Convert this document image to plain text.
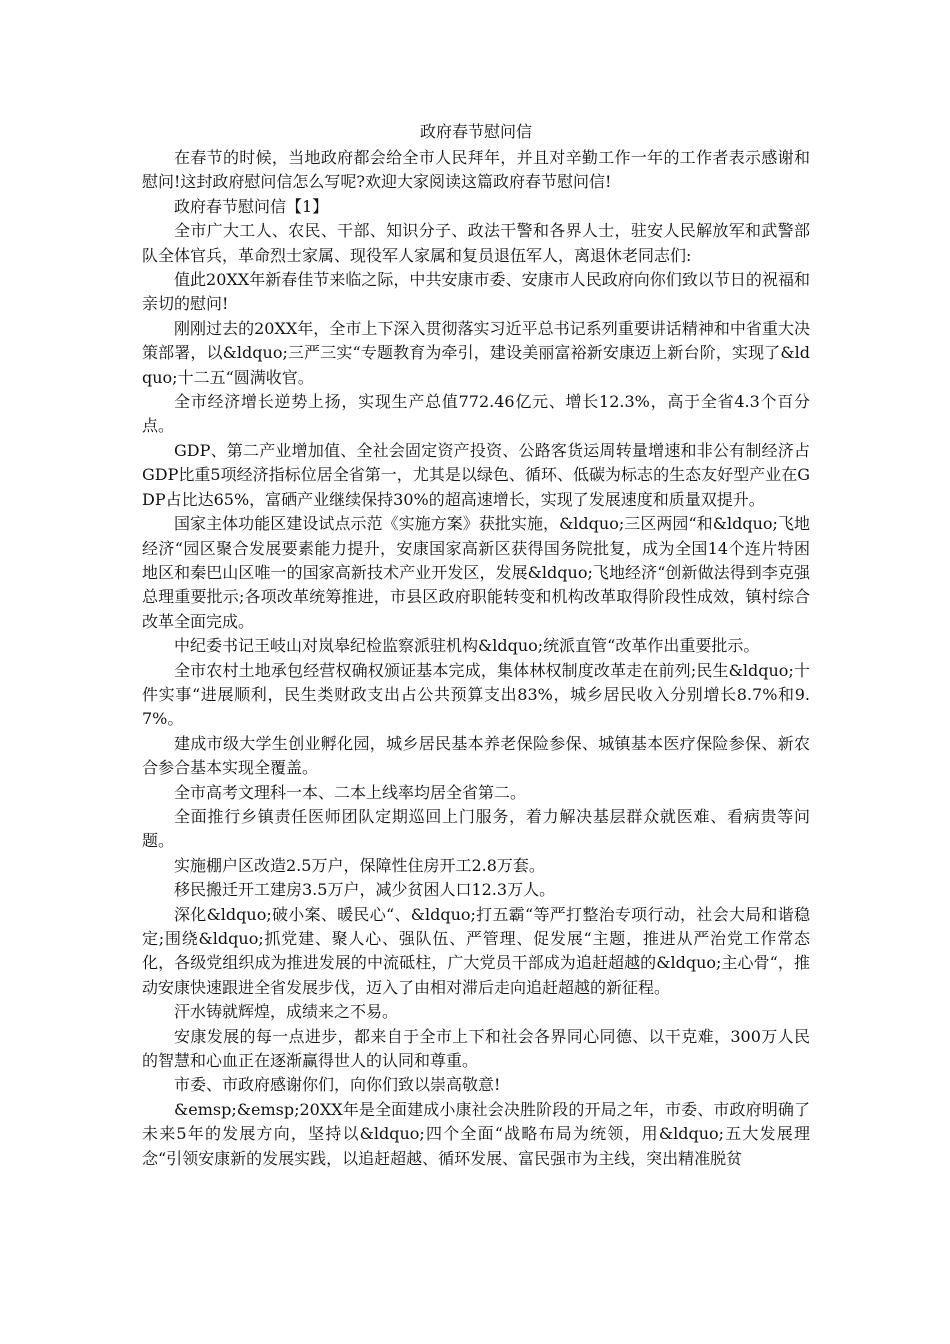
政府春节慰问信

在春节的时候，当地政府都会给全市人民拜年，并且对辛勤工作一年的工作者表示感谢和慰问!这封政府慰问信怎么写呢?欢迎大家阅读这篇政府春节慰问信!

政府春节慰问信【1】

全市广大工人、农民、干部、知识分子、政法干警和各界人士，驻安人民解放军和武警部队全体官兵，革命烈士家属、现役军人家属和复员退伍军人，离退休老同志们:

值此20XX年新春佳节来临之际，中共安康市委、安康市人民政府向你们致以节日的祝福和亲切的慰问!

刚刚过去的20XX年，全市上下深入贯彻落实习近平总书记系列重要讲话精神和中省重大决策部署，以&ldquo;三严三实“专题教育为牵引，建设美丽富裕新安康迈上新台阶，实现了&ldquo;十二五“圆满收官。

全市经济增长逆势上扬，实现生产总值772.46亿元、增长12.3%，高于全省4.3个百分点。

GDP、第二产业增加值、全社会固定资产投资、公路客货运周转量增速和非公有制经济占GDP比重5项经济指标位居全省第一，尤其是以绿色、循环、低碳为标志的生态友好型产业在GDP占比达65%，富硒产业继续保持30%的超高速增长，实现了发展速度和质量双提升。

国家主体功能区建设试点示范《实施方案》获批实施，&ldquo;三区两园“和&ldquo;飞地经济“园区聚合发展要素能力提升，安康国家高新区获得国务院批复，成为全国14个连片特困地区和秦巴山区唯一的国家高新技术产业开发区，发展&ldquo;飞地经济“创新做法得到李克强总理重要批示;各项改革统筹推进，市县区政府职能转变和机构改革取得阶段性成效，镇村综合改革全面完成。

中纪委书记王岐山对岚皋纪检监察派驻机构&ldquo;统派直管“改革作出重要批示。

全市农村土地承包经营权确权颁证基本完成，集体林权制度改革走在前列;民生&ldquo;十件实事“进展顺利，民生类财政支出占公共预算支出83%，城乡居民收入分别增长8.7%和9.7%。

建成市级大学生创业孵化园，城乡居民基本养老保险参保、城镇基本医疗保险参保、新农合参合基本实现全覆盖。

全市高考文理科一本、二本上线率均居全省第二。

全面推行乡镇责任医师团队定期巡回上门服务，着力解决基层群众就医难、看病贵等问题。

实施棚户区改造2.5万户，保障性住房开工2.8万套。

移民搬迁开工建房3.5万户，减少贫困人口12.3万人。

深化&ldquo;破小案、暖民心“、&ldquo;打五霸“等严打整治专项行动，社会大局和谐稳定;围绕&ldquo;抓党建、聚人心、强队伍、严管理、促发展“主题，推进从严治党工作常态化，各级党组织成为推进发展的中流砥柱，广大党员干部成为追赶超越的&ldquo;主心骨“，推动安康快速跟进全省发展步伐，迈入了由相对滞后走向追赶超越的新征程。

汗水铸就辉煌，成绩来之不易。

安康发展的每一点进步，都来自于全市上下和社会各界同心同德、以干克难，300万人民的智慧和心血正在逐渐赢得世人的认同和尊重。

市委、市政府感谢你们，向你们致以崇高敬意!

&emsp;&emsp;20XX年是全面建成小康社会决胜阶段的开局之年，市委、市政府明确了未来5年的发展方向，坚持以&ldquo;四个全面“战略布局为统领，用&ldquo;五大发展理念“引领安康新的发展实践，以追赶超越、循环发展、富民强市为主线，突出精准脱贫
